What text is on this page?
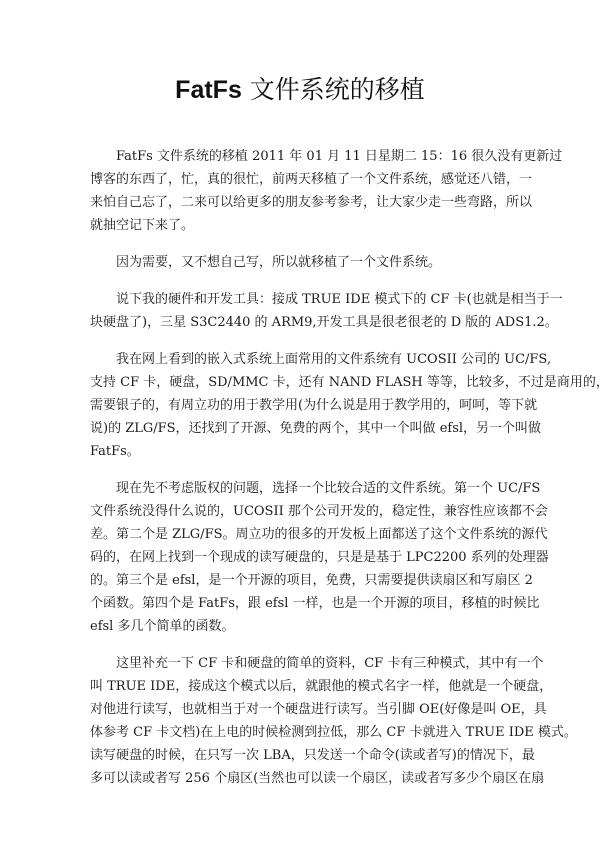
FatFs 文件系统的移植

FatFs 文件系统的移植 2011 年 01 月 11 日星期二 15：16 很久没有更新过
博客的东西了，忙，真的很忙，前两天移植了一个文件系统，感觉还八错，一
来怕自己忘了，二来可以给更多的朋友参考参考，让大家少走一些弯路，所以
就抽空记下来了。

因为需要，又不想自己写，所以就移植了一个文件系统。

说下我的硬件和开发工具：接成 TRUE IDE 模式下的 CF 卡(也就是相当于一
块硬盘了)，三星 S3C2440 的 ARM9,开发工具是很老很老的 D 版的 ADS1.2。

我在网上看到的嵌入式系统上面常用的文件系统有 UCOSII 公司的 UC/FS,
支持 CF 卡，硬盘，SD/MMC 卡，还有 NAND FLASH 等等，比较多，不过是商用的，
需要银子的，有周立功的用于教学用(为什么说是用于教学用的，呵呵，等下就
说)的 ZLG/FS，还找到了开源、免费的两个，其中一个叫做 efsl，另一个叫做
FatFs。

现在先不考虑版权的问题，选择一个比较合适的文件系统。第一个 UC/FS
文件系统没得什么说的，UCOSII 那个公司开发的，稳定性，兼容性应该都不会
差。第二个是 ZLG/FS。周立功的很多的开发板上面都送了这个文件系统的源代
码的，在网上找到一个现成的读写硬盘的，只是是基于 LPC2200 系列的处理器
的。第三个是 efsl，是一个开源的项目，免费，只需要提供读扇区和写扇区 2
个函数。第四个是 FatFs，跟 efsl 一样，也是一个开源的项目，移植的时候比
efsl 多几个简单的函数。

这里补充一下 CF 卡和硬盘的简单的资料，CF 卡有三种模式，其中有一个
叫 TRUE IDE，接成这个模式以后，就跟他的模式名字一样，他就是一个硬盘，
对他进行读写，也就相当于对一个硬盘进行读写。当引脚 OE(好像是叫 OE，具
体参考 CF 卡文档)在上电的时候检测到拉低，那么 CF 卡就进入 TRUE IDE 模式。
读写硬盘的时候，在只写一次 LBA，只发送一个命令(读或者写)的情况下，最
多可以读或者写 256 个扇区(当然也可以读一个扇区，读或者写多少个扇区在扇
